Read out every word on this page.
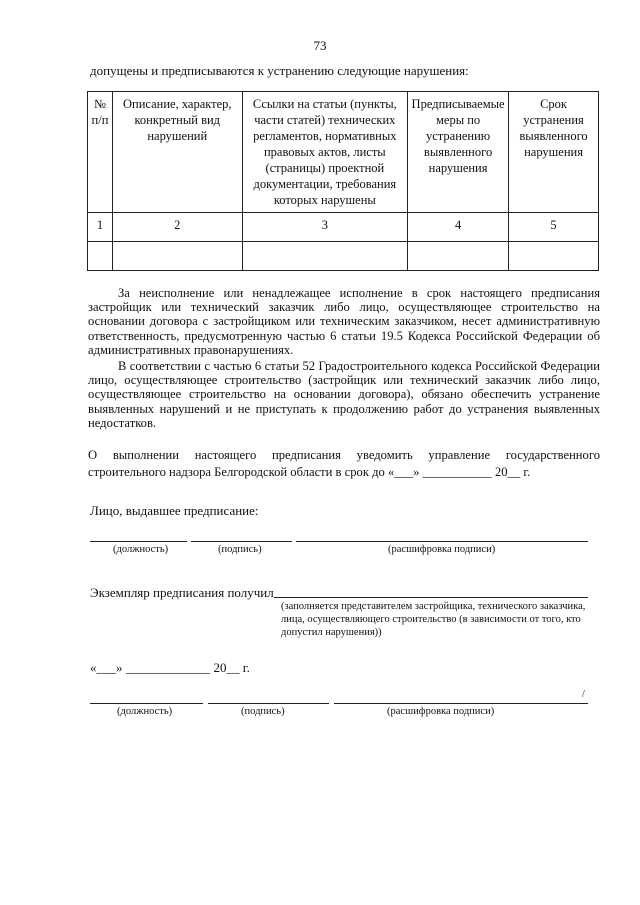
73
допущены и предписываются к устранению следующие нарушения:
№ п/п	Описание, характер, конкретный вид нарушений	Ссылки на статьи (пункты, части статей) технических регламентов, нормативных правовых актов, листы (страницы) проектной документации, требования которых нарушены	Предписываемые меры по устранению выявленного нарушения	Срок устранения выявленного нарушения
1	2	3	4	5

За неисполнение или ненадлежащее исполнение в срок настоящего предписания застройщик или технический заказчик либо лицо, осуществляющее строительство на основании договора с застройщиком или техническим заказчиком, несет административную ответственность, предусмотренную частью 6 статьи 19.5 Кодекса Российской Федерации об административных правонарушениях.
В соответствии с частью 6 статьи 52 Градостроительного кодекса Российской Федерации лицо, осуществляющее строительство (застройщик или технический заказчик либо лицо, осуществляющее строительство на основании договора), обязано обеспечить устранение выявленных нарушений и не приступать к продолжению работ до устранения выявленных недостатков.
О выполнении настоящего предписания уведомить управление государственного строительного надзора Белгородской области в срок до «___» ___________ 20__ г.
Лицо, выдавшее предписание:
(должность)	(подпись)	(расшифровка подписи)
Экземпляр предписания получил
(заполняется представителем застройщика, технического заказчика, лица, осуществляющего строительство (в зависимости от того, кто допустил нарушения))
«___» _____________ 20__ г.
/
(должность)	(подпись)	(расшифровка подписи)
